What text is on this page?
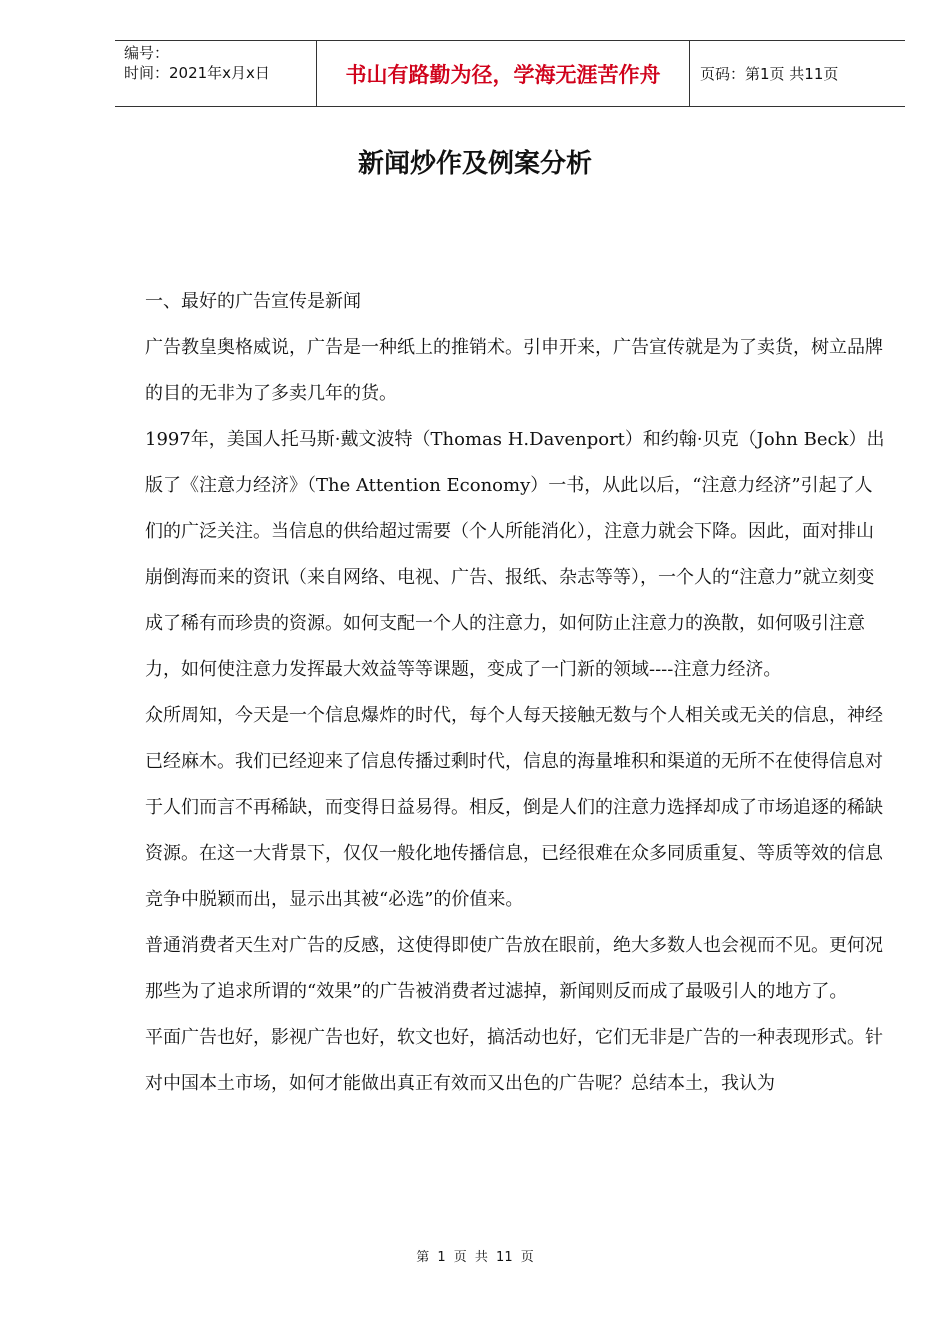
编号：
时间：2021年x月x日	书山有路勤为径，学海无涯苦作舟	页码：第1页 共11页
新闻炒作及例案分析

一、最好的广告宣传是新闻

广告教皇奥格威说，广告是一种纸上的推销术。引申开来，广告宣传就是为了卖货，树立品牌的目的无非为了多卖几年的货。

1997年，美国人托马斯·戴文波特（Thomas H.Davenport）和约翰·贝克（John Beck）出版了《注意力经济》（The Attention Economy）一书，从此以后，“注意力经济”引起了人们的广泛关注。当信息的供给超过需要（个人所能消化），注意力就会下降。因此，面对排山崩倒海而来的资讯（来自网络、电视、广告、报纸、杂志等等），一个人的“注意力”就立刻变成了稀有而珍贵的资源。如何支配一个人的注意力，如何防止注意力的涣散，如何吸引注意力，如何使注意力发挥最大效益等等课题，变成了一门新的领域----注意力经济。

众所周知，今天是一个信息爆炸的时代，每个人每天接触无数与个人相关或无关的信息，神经已经麻木。我们已经迎来了信息传播过剩时代，信息的海量堆积和渠道的无所不在使得信息对于人们而言不再稀缺，而变得日益易得。相反，倒是人们的注意力选择却成了市场追逐的稀缺资源。在这一大背景下，仅仅一般化地传播信息，已经很难在众多同质重复、等质等效的信息竞争中脱颖而出，显示出其被“必选”的价值来。

普通消费者天生对广告的反感，这使得即使广告放在眼前，绝大多数人也会视而不见。更何况那些为了追求所谓的“效果”的广告被消费者过滤掉，新闻则反而成了最吸引人的地方了。

平面广告也好，影视广告也好，软文也好，搞活动也好，它们无非是广告的一种表现形式。针对中国本土市场，如何才能做出真正有效而又出色的广告呢？总结本土，我认为

第 1 页 共 11 页
